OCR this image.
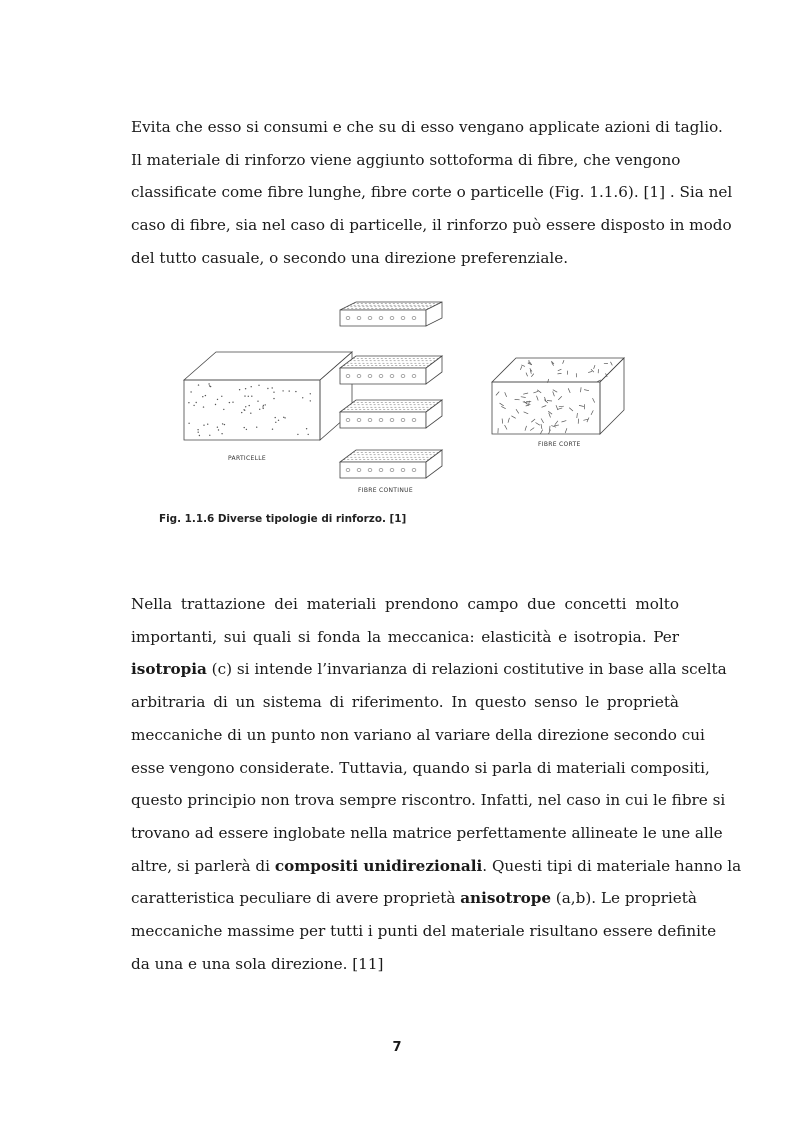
Evita che esso si consumi e che su di esso vengano applicate azioni di taglio.
Il materiale di rinforzo viene aggiunto sottoforma di fibre, che vengono
classificate come fibre lunghe, fibre corte o particelle (Fig. 1.1.6). [1] . Sia nel
caso di fibre, sia nel caso di particelle, il rinforzo può essere disposto in modo
del tutto casuale, o secondo una direzione preferenziale.

PARTICELLE
FIBRE CONTINUE
FIBRE CORTE
Fig. 1.1.6 Diverse tipologie di rinforzo. [1]

Nella trattazione dei materiali prendono campo due concetti molto
importanti, sui quali si fonda la meccanica: elasticità e isotropia. Per
isotropia (c) si intende l’invarianza di relazioni costitutive in base alla scelta
arbitraria di un sistema di riferimento. In questo senso le proprietà
meccaniche di un punto non variano al variare della direzione secondo cui
esse vengono considerate. Tuttavia, quando si parla di materiali compositi,
questo principio non trova sempre riscontro. Infatti, nel caso in cui le fibre si
trovano ad essere inglobate nella matrice perfettamente allineate le une alle
altre, si parlerà di compositi unidirezionali. Questi tipi di materiale hanno la
caratteristica peculiare di avere proprietà anisotrope (a,b). Le proprietà
meccaniche massime per tutti i punti del materiale risultano essere definite
da una e una sola direzione. [11]

7
